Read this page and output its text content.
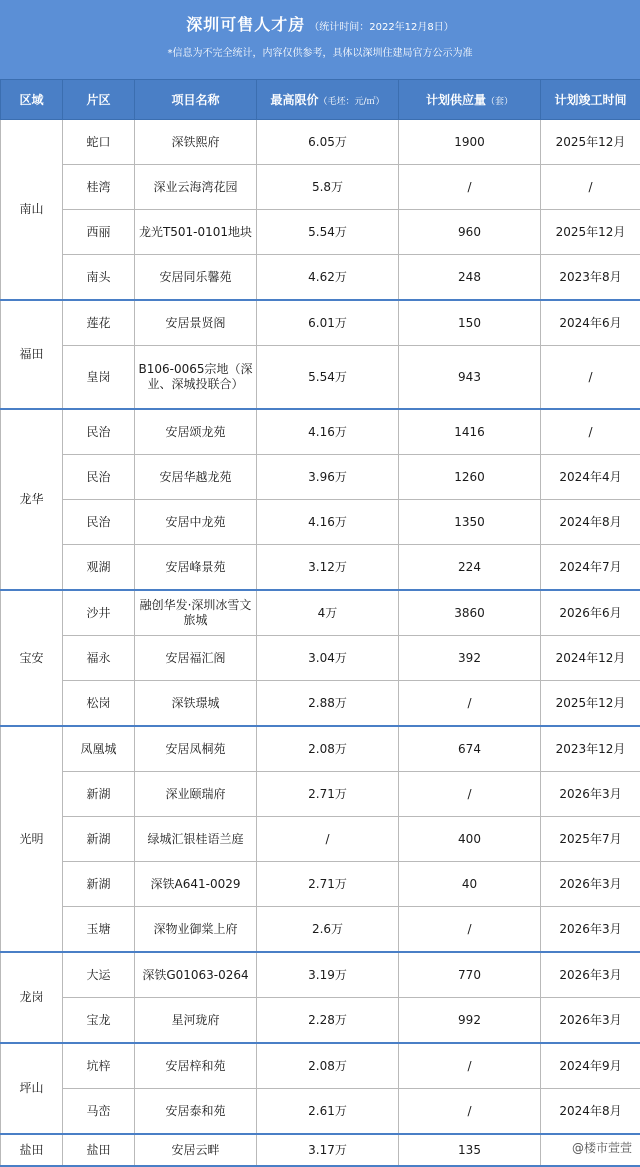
深圳可售人才房 （统计时间：2022年12月8日）
*信息为不完全统计，内容仅供参考，具体以深圳住建局官方公示为准
区域	片区	项目名称	最高限价（毛坯：元/㎡）	计划供应量（套）	计划竣工时间
南山	蛇口	深铁熙府	6.05万	1900	2025年12月
	桂湾	深业云海湾花园	5.8万	/	/
	西丽	龙光T501-0101地块	5.54万	960	2025年12月
	南头	安居同乐馨苑	4.62万	248	2023年8月
福田	莲花	安居景贤阁	6.01万	150	2024年6月
	皇岗	B106-0065宗地（深业、深城投联合）	5.54万	943	/
龙华	民治	安居颂龙苑	4.16万	1416	/
	民治	安居华越龙苑	3.96万	1260	2024年4月
	民治	安居中龙苑	4.16万	1350	2024年8月
	观湖	安居峰景苑	3.12万	224	2024年7月
宝安	沙井	融创华发·深圳冰雪文旅城	4万	3860	2026年6月
	福永	安居福汇阁	3.04万	392	2024年12月
	松岗	深铁璟城	2.88万	/	2025年12月
光明	凤凰城	安居凤桐苑	2.08万	674	2023年12月
	新湖	深业颐瑞府	2.71万	/	2026年3月
	新湖	绿城汇银桂语兰庭	/	400	2025年7月
	新湖	深铁A641-0029	2.71万	40	2026年3月
	玉塘	深物业御棠上府	2.6万	/	2026年3月
龙岗	大运	深铁G01063-0264	3.19万	770	2026年3月
	宝龙	星河珑府	2.28万	992	2026年3月
坪山	坑梓	安居梓和苑	2.08万	/	2024年9月
	马峦	安居泰和苑	2.61万	/	2024年8月
盐田	盐田	安居云畔	3.17万	135		@楼市萱萱
